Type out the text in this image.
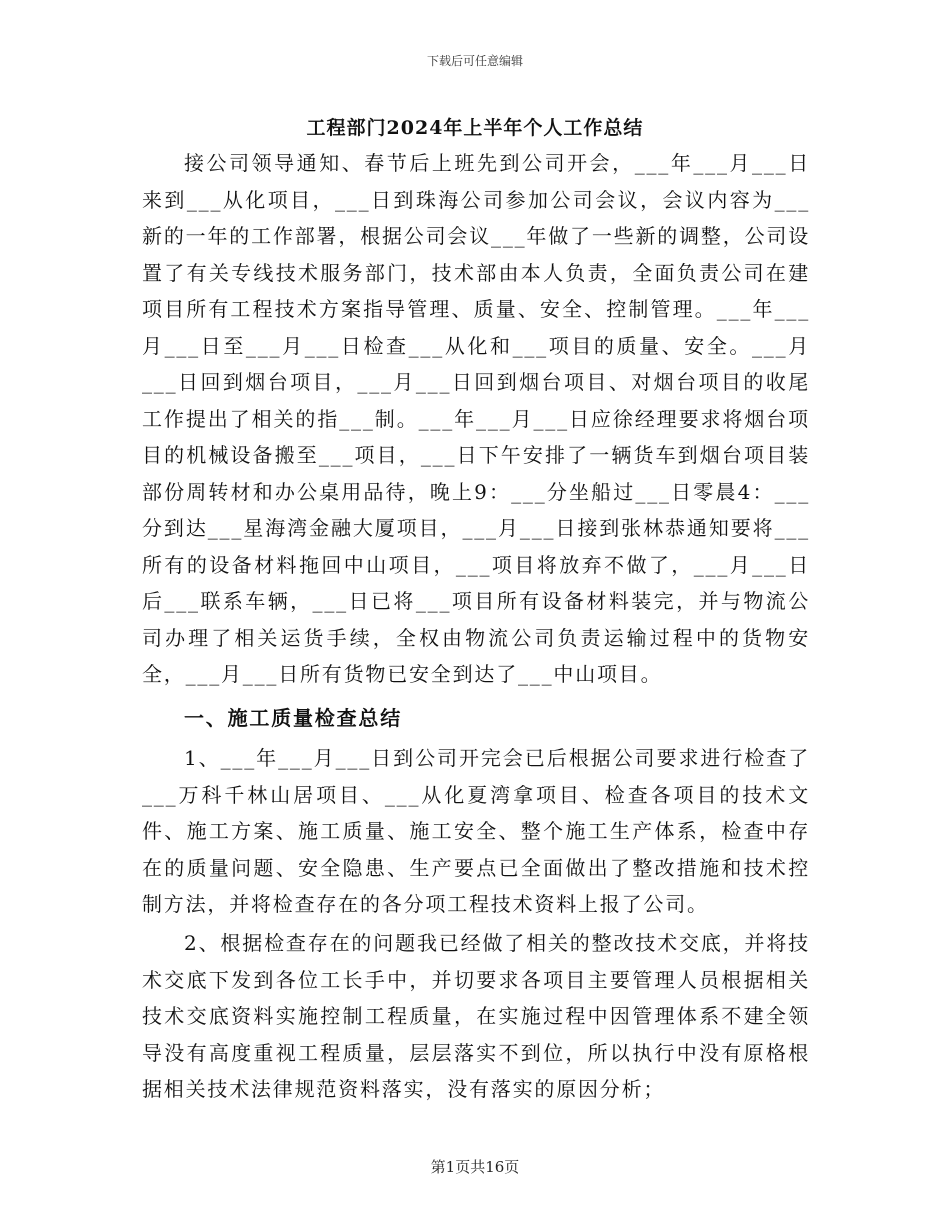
下载后可任意编辑
工程部门2024年上半年个人工作总结

接公司领导通知、春节后上班先到公司开会，___年___月___日来到___从化项目，___日到珠海公司参加公司会议，会议内容为___新的一年的工作部署，根据公司会议___年做了一些新的调整，公司设置了有关专线技术服务部门，技术部由本人负责，全面负责公司在建项目所有工程技术方案指导管理、质量、安全、控制管理。___年___月___日至___月___日检查___从化和___项目的质量、安全。___月___日回到烟台项目，___月___日回到烟台项目、对烟台项目的收尾工作提出了相关的指___制。___年___月___日应徐经理要求将烟台项目的机械设备搬至___项目，___日下午安排了一辆货车到烟台项目装部份周转材和办公桌用品待，晚上9：___分坐船过___日零晨4：___分到达___星海湾金融大厦项目，___月___日接到张林恭通知要将___所有的设备材料拖回中山项目，___项目将放弃不做了，___月___日后___联系车辆，___日已将___项目所有设备材料装完，并与物流公司办理了相关运货手续，全权由物流公司负责运输过程中的货物安全，___月___日所有货物已安全到达了___中山项目。

一、施工质量检查总结

1、___年___月___日到公司开完会已后根据公司要求进行检查了___万科千林山居项目、___从化夏湾拿项目、检查各项目的技术文件、施工方案、施工质量、施工安全、整个施工生产体系，检查中存在的质量问题、安全隐患、生产要点已全面做出了整改措施和技术控制方法，并将检查存在的各分项工程技术资料上报了公司。

2、根据检查存在的问题我已经做了相关的整改技术交底，并将技术交底下发到各位工长手中，并切要求各项目主要管理人员根据相关技术交底资料实施控制工程质量，在实施过程中因管理体系不建全领导没有高度重视工程质量，层层落实不到位，所以执行中没有原格根据相关技术法律规范资料落实，没有落实的原因分析；

第1页共16页
